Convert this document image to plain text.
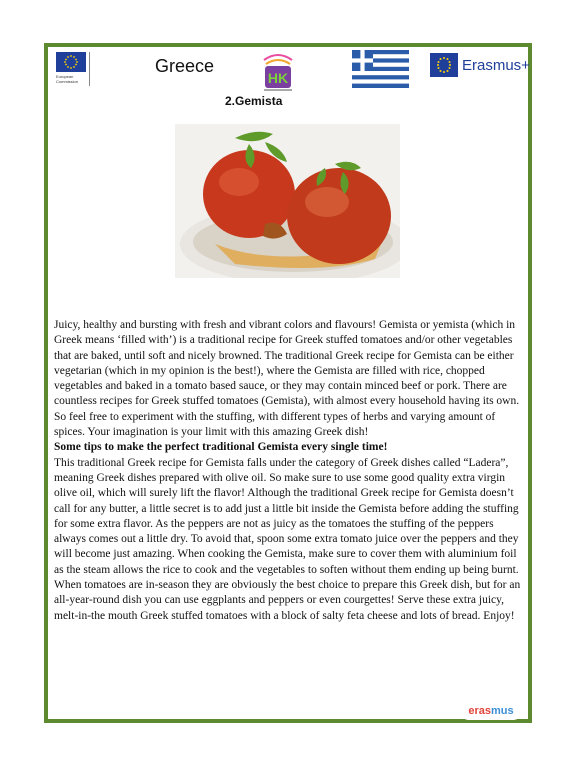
European Commission
Greece
HK
Erasmus+
2.Gemista

Juicy, healthy and bursting with fresh and vibrant colors and flavours! Gemista or yemista (which in Greek means ‘filled with’) is a traditional recipe for Greek stuffed tomatoes and/or other vegetables that are baked, until soft and nicely browned. The traditional Greek recipe for Gemista can be either vegetarian (which in my opinion is the best!), where the Gemista are filled with rice, chopped vegetables and baked in a tomato based sauce, or they may contain minced beef or pork. There are countless recipes for Greek stuffed tomatoes (Gemista), with almost every household having its own. So feel free to experiment with the stuffing, with different types of herbs and varying amount of spices. Your imagination is your limit with this amazing Greek dish!

Some tips to make the perfect traditional Gemista every single time!

This traditional Greek recipe for Gemista falls under the category of Greek dishes called “Ladera”, meaning Greek dishes prepared with olive oil. So make sure to use some good quality extra virgin olive oil, which will surely lift the flavor! Although the traditional Greek recipe for Gemista doesn’t call for any butter, a little secret is to add just a little bit inside the Gemista before adding the stuffing for some extra flavor. As the peppers are not as juicy as the tomatoes the stuffing of the peppers always comes out a little dry. To avoid that, spoon some extra tomato juice over the peppers and they will become just amazing. When cooking the Gemista, make sure to cover them with aluminium foil as the steam allows the rice to cook and the vegetables to soften without them ending up being burnt. When tomatoes are in-season they are obviously the best choice to prepare this Greek dish, but for an all-year-round dish you can use eggplants and peppers or even courgettes! Serve these extra juicy, melt-in-the mouth Greek stuffed tomatoes with a block of salty feta cheese and lots of bread. Enjoy!

eras mus
